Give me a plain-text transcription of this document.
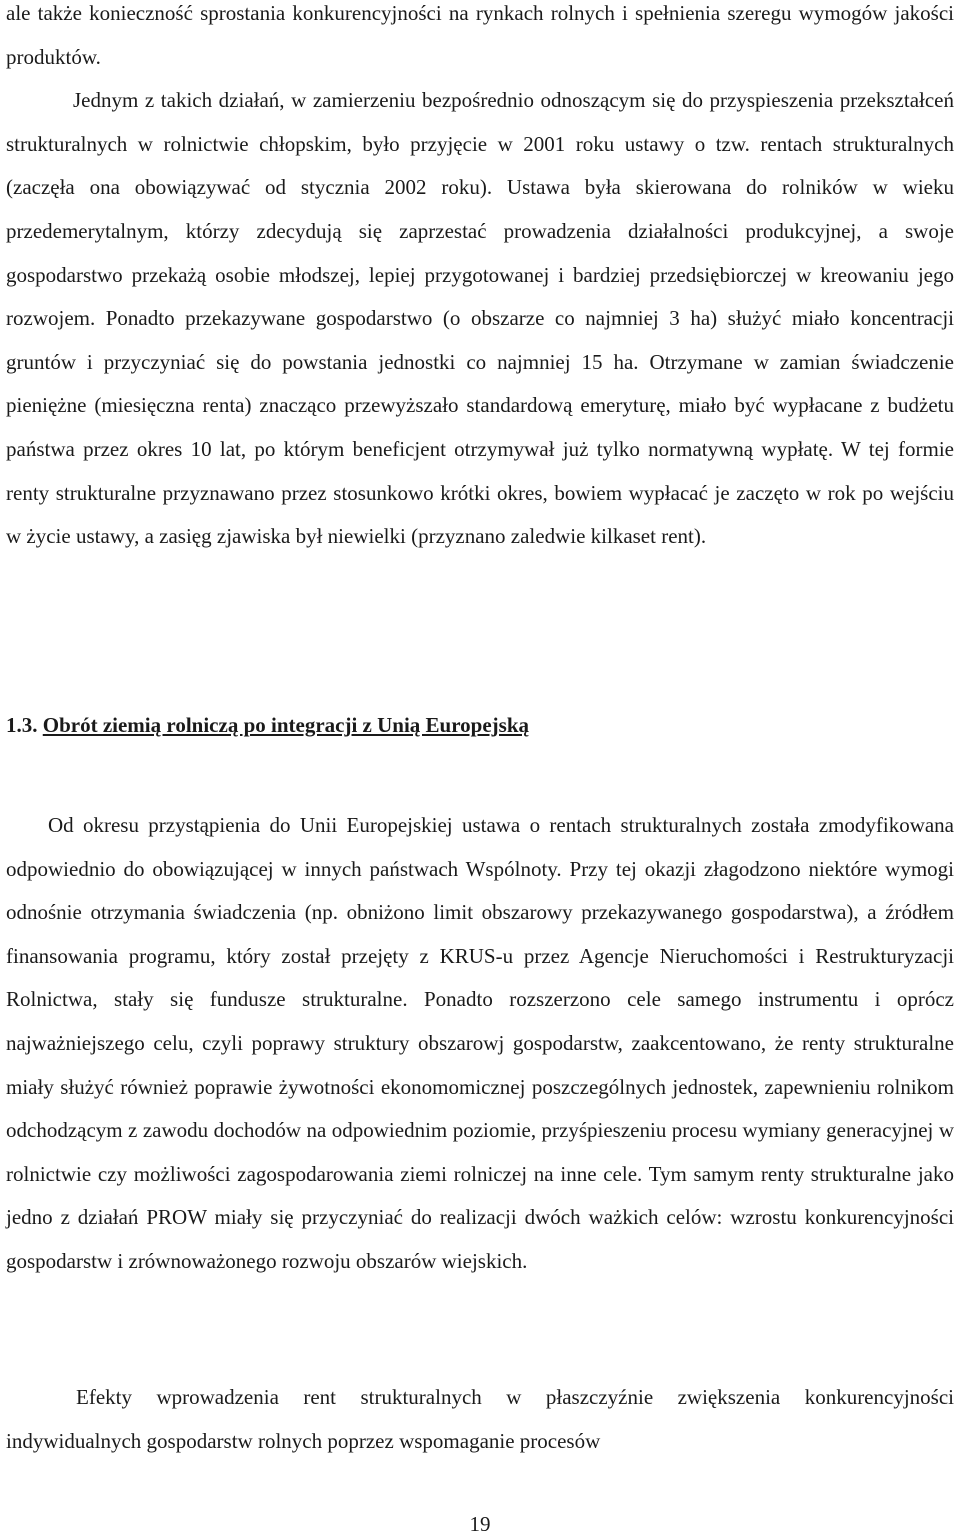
ale także konieczność sprostania konkurencyjności na rynkach rolnych i spełnienia szeregu wymogów jakości produktów.
Jednym z takich działań, w zamierzeniu bezpośrednio odnoszącym się do przyspieszenia przekształceń strukturalnych w rolnictwie chłopskim, było przyjęcie w 2001 roku ustawy o tzw. rentach strukturalnych (zaczęła ona obowiązywać od stycznia 2002 roku). Ustawa była skierowana do rolników w wieku przedemerytalnym, którzy zdecydują się zaprzestać prowadzenia działalności produkcyjnej, a swoje gospodarstwo przekażą osobie młodszej, lepiej przygotowanej i bardziej przedsiębiorczej w kreowaniu jego rozwojem. Ponadto przekazywane gospodarstwo (o obszarze co najmniej 3 ha) służyć miało koncentracji gruntów i przyczyniać się do powstania jednostki co najmniej 15 ha. Otrzymane w zamian świadczenie pieniężne (miesięczna renta) znacząco przewyższało standardową emeryturę, miało być wypłacane z budżetu państwa przez okres 10 lat, po którym beneficjent otrzymywał już tylko normatywną wypłatę. W tej formie renty strukturalne przyznawano przez stosunkowo krótki okres, bowiem wypłacać je zaczęto w rok po wejściu w życie ustawy, a zasięg zjawiska był niewielki (przyznano zaledwie kilkaset rent).

1.3. Obrót ziemią rolniczą po integracji z Unią Europejską

Od okresu przystąpienia do Unii Europejskiej ustawa o rentach strukturalnych została zmodyfikowana odpowiednio do obowiązującej w innych państwach Wspólnoty. Przy tej okazji złagodzono niektóre wymogi odnośnie otrzymania świadczenia (np. obniżono limit obszarowy przekazywanego gospodarstwa), a źródłem finansowania programu, który został przejęty z KRUS-u przez Agencje Nieruchomości i Restrukturyzacji Rolnictwa, stały się fundusze strukturalne. Ponadto rozszerzono cele samego instrumentu i oprócz najważniejszego celu, czyli poprawy struktury obszarowj gospodarstw, zaakcentowano, że renty strukturalne miały służyć również poprawie żywotności ekonomomicznej poszczególnych jednostek, zapewnieniu rolnikom odchodzącym z zawodu dochodów na odpowiednim poziomie, przyśpieszeniu procesu wymiany generacyjnej w rolnictwie czy możliwości zagospodarowania ziemi rolniczej na inne cele. Tym samym renty strukturalne jako jedno z działań PROW miały się przyczyniać do realizacji dwóch ważkich celów: wzrostu konkurencyjności gospodarstw i zrównoważonego rozwoju obszarów wiejskich.

Efekty wprowadzenia rent strukturalnych w płaszczyźnie zwiększenia konkurencyjności indywidualnych gospodarstw rolnych poprzez wspomaganie procesów

19
